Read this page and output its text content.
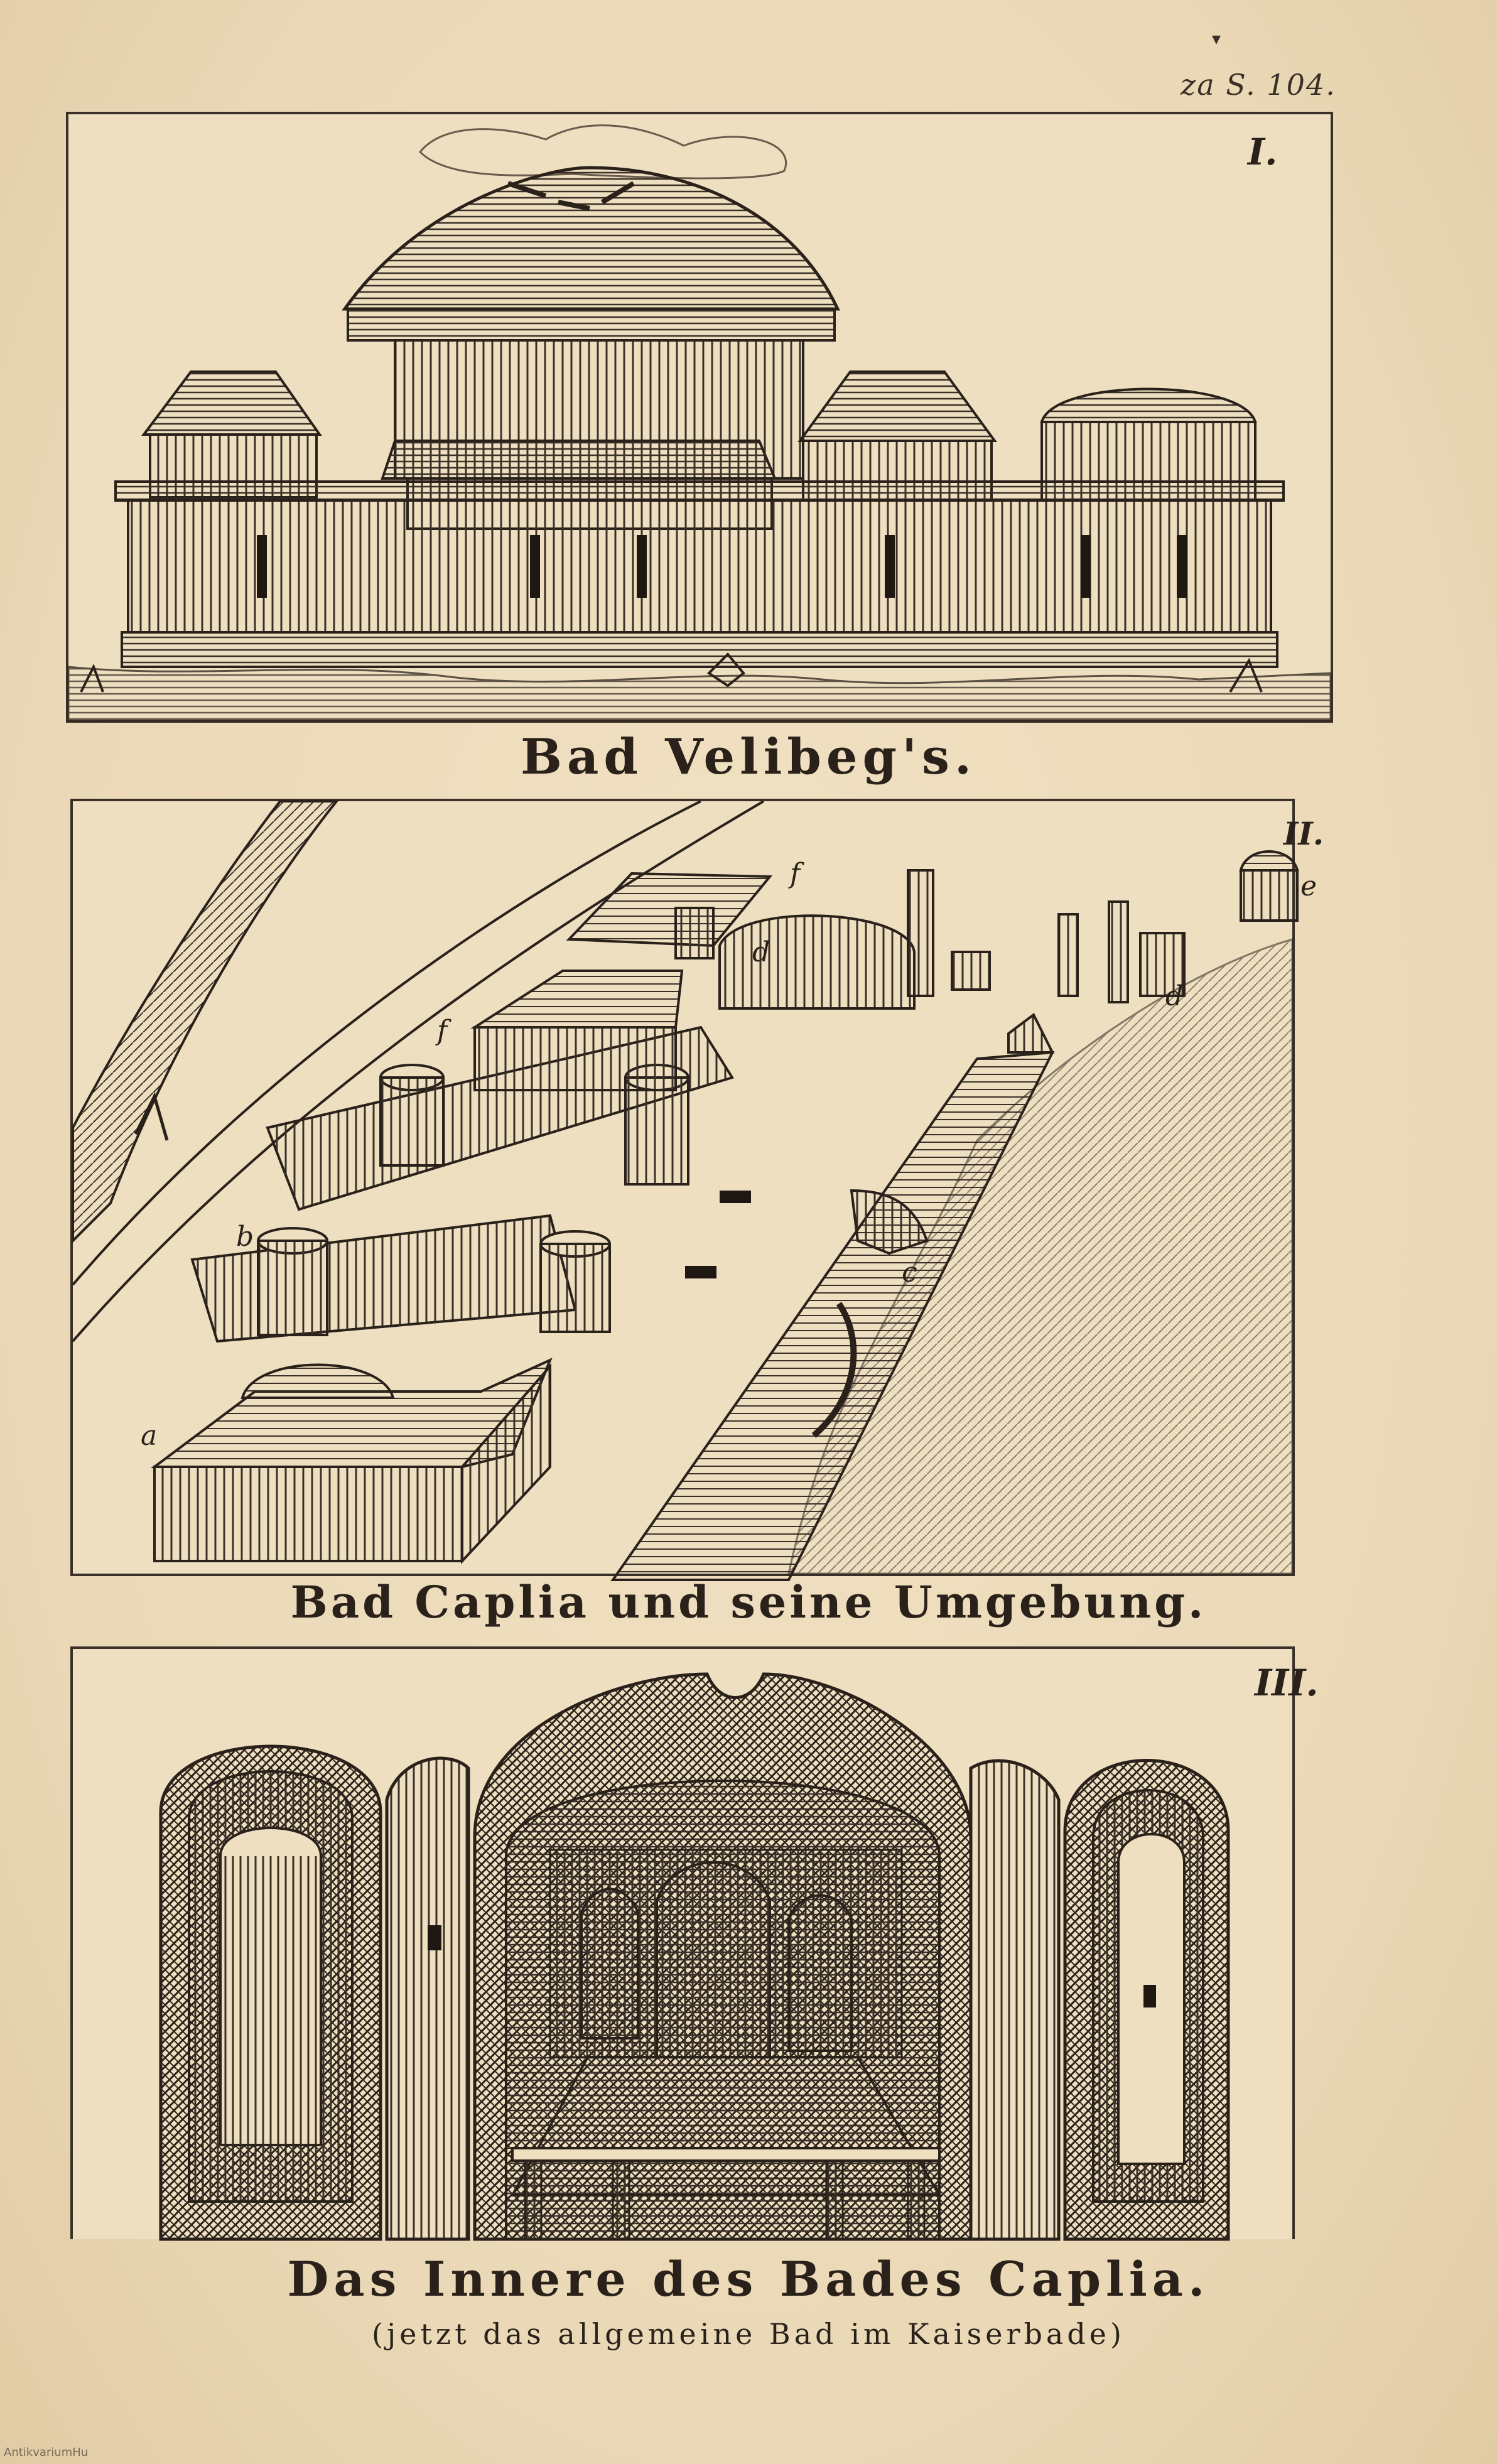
▾
za S. 104.
I.
Bad Velibeg's.
II.
a
b
c
d
d
e
f
f
Bad Caplia und seine Umgebung.
III.
Das Innere des Bades Caplia.
(jetzt das allgemeine Bad im Kaiserbade)
AntikvariumHu
